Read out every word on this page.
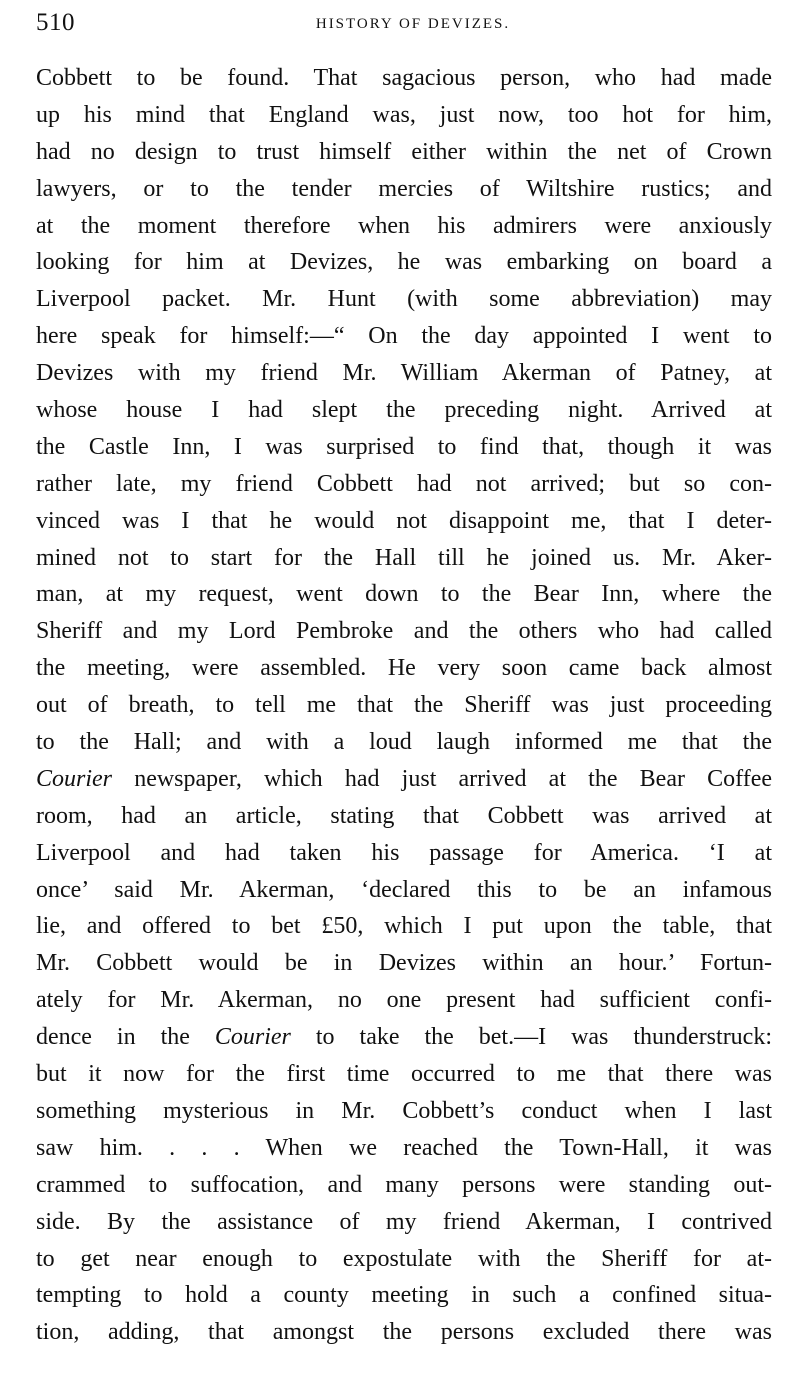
510	HISTORY OF DEVIZES.
Cobbett to be found. That sagacious person, who had made
up his mind that England was, just now, too hot for him,
had no design to trust himself either within the net of Crown
lawyers, or to the tender mercies of Wiltshire rustics; and
at the moment therefore when his admirers were anxiously
looking for him at Devizes, he was embarking on board a
Liverpool packet. Mr. Hunt (with some abbreviation) may
here speak for himself:—“ On the day appointed I went to
Devizes with my friend Mr. William Akerman of Patney, at
whose house I had slept the preceding night. Arrived at
the Castle Inn, I was surprised to find that, though it was
rather late, my friend Cobbett had not arrived; but so con-
vinced was I that he would not disappoint me, that I deter-
mined not to start for the Hall till he joined us. Mr. Aker-
man, at my request, went down to the Bear Inn, where the
Sheriff and my Lord Pembroke and the others who had called
the meeting, were assembled. He very soon came back almost
out of breath, to tell me that the Sheriff was just proceeding
to the Hall; and with a loud laugh informed me that the
Courier newspaper, which had just arrived at the Bear Coffee
room, had an article, stating that Cobbett was arrived at
Liverpool and had taken his passage for America. ‘I at
once’ said Mr. Akerman, ‘declared this to be an infamous
lie, and offered to bet £50, which I put upon the table, that
Mr. Cobbett would be in Devizes within an hour.’ Fortun-
ately for Mr. Akerman, no one present had sufficient confi-
dence in the Courier to take the bet.—I was thunderstruck:
but it now for the first time occurred to me that there was
something mysterious in Mr. Cobbett’s conduct when I last
saw him. . . . When we reached the Town-Hall, it was
crammed to suffocation, and many persons were standing out-
side. By the assistance of my friend Akerman, I contrived
to get near enough to expostulate with the Sheriff for at-
tempting to hold a county meeting in such a confined situa-
tion, adding, that amongst the persons excluded there was
